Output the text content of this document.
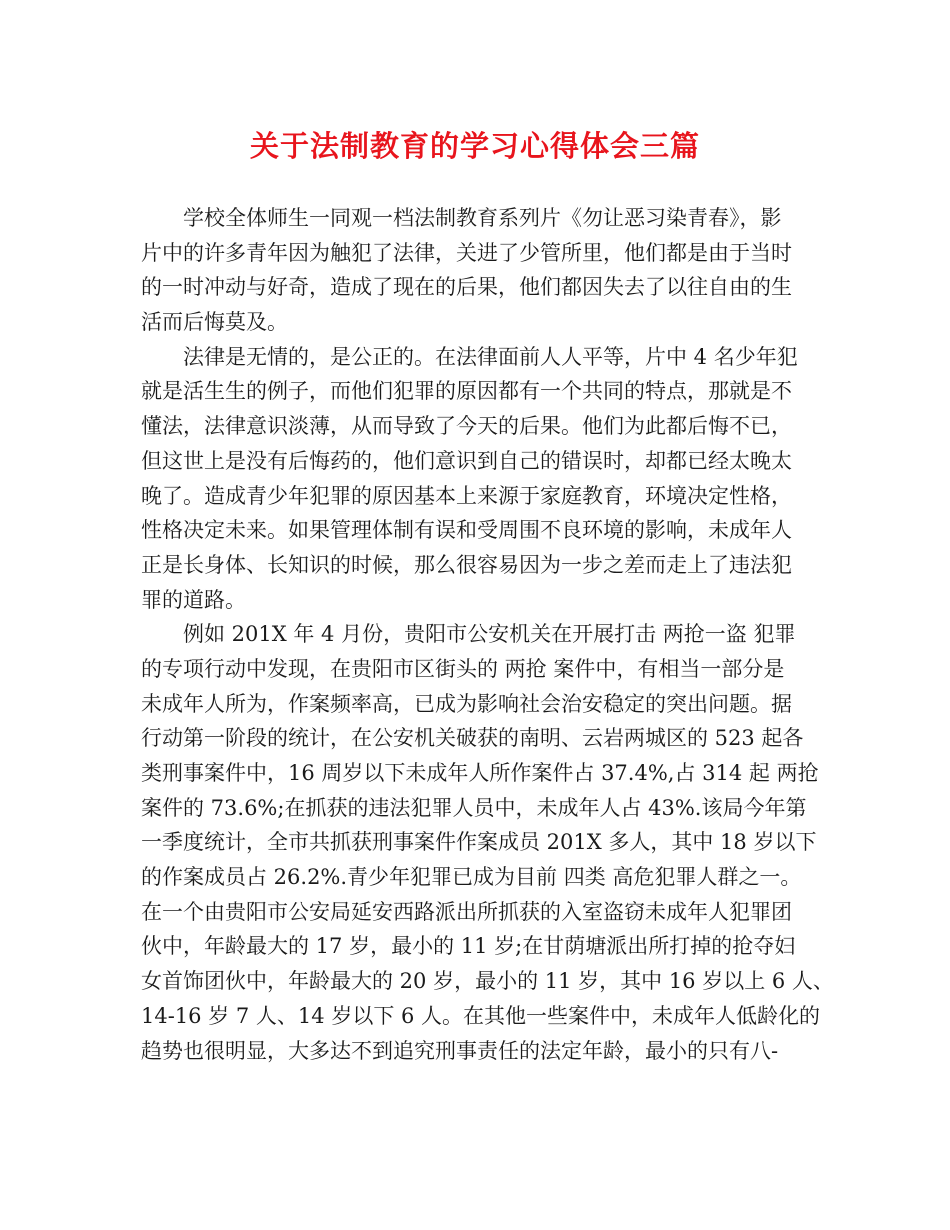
关于法制教育的学习心得体会三篇
学校全体师生一同观一档法制教育系列片《勿让恶习染青春》，影
片中的许多青年因为触犯了法律，关进了少管所里，他们都是由于当时
的一时冲动与好奇，造成了现在的后果，他们都因失去了以往自由的生
活而后悔莫及。
法律是无情的，是公正的。在法律面前人人平等，片中 4 名少年犯
就是活生生的例子，而他们犯罪的原因都有一个共同的特点，那就是不
懂法，法律意识淡薄，从而导致了今天的后果。他们为此都后悔不已，
但这世上是没有后悔药的，他们意识到自己的错误时，却都已经太晚太
晚了。造成青少年犯罪的原因基本上来源于家庭教育，环境决定性格，
性格决定未来。如果管理体制有误和受周围不良环境的影响，未成年人
正是长身体、长知识的时候，那么很容易因为一步之差而走上了违法犯
罪的道路。
例如 201X 年 4 月份，贵阳市公安机关在开展打击 两抢一盗 犯罪
的专项行动中发现，在贵阳市区街头的 两抢 案件中，有相当一部分是
未成年人所为，作案频率高，已成为影响社会治安稳定的突出问题。据
行动第一阶段的统计，在公安机关破获的南明、云岩两城区的 523 起各
类刑事案件中，16 周岁以下未成年人所作案件占 37.4%,占 314 起 两抢
案件的 73.6%;在抓获的违法犯罪人员中，未成年人占 43%.该局今年第
一季度统计，全市共抓获刑事案件作案成员 201X 多人，其中 18 岁以下
的作案成员占 26.2%.青少年犯罪已成为目前 四类 高危犯罪人群之一。
在一个由贵阳市公安局延安西路派出所抓获的入室盗窃未成年人犯罪团
伙中，年龄最大的 17 岁，最小的 11 岁;在甘荫塘派出所打掉的抢夺妇
女首饰团伙中，年龄最大的 20 岁，最小的 11 岁，其中 16 岁以上 6 人、
14-16 岁 7 人、14 岁以下 6 人。在其他一些案件中，未成年人低龄化的
趋势也很明显，大多达不到追究刑事责任的法定年龄，最小的只有八-
